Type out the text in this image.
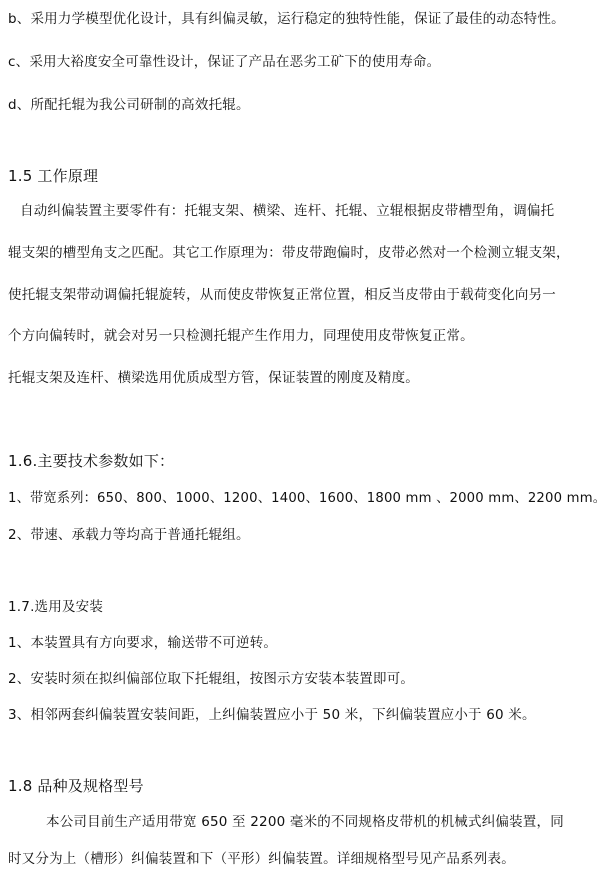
b、采用力学模型优化设计，具有纠偏灵敏，运行稳定的独特性能，保证了最佳的动态特性。
c、采用大裕度安全可靠性设计，保证了产品在恶劣工矿下的使用寿命。
d、所配托辊为我公司研制的高效托辊。
1.5 工作原理
自动纠偏装置主要零件有：托辊支架、横梁、连杆、托辊、立辊根据皮带槽型角，调偏托
辊支架的槽型角支之匹配。其它工作原理为：带皮带跑偏时，皮带必然对一个检测立辊支架，
使托辊支架带动调偏托辊旋转，从而使皮带恢复正常位置，相反当皮带由于载荷变化向另一
个方向偏转时，就会对另一只检测托辊产生作用力，同理使用皮带恢复正常。
托辊支架及连杆、横梁选用优质成型方管，保证装置的刚度及精度。
1.6.主要技术参数如下：
1、带宽系列：650、800、1000、1200、1400、1600、1800 mm 、2000 mm、2200 mm。
2、带速、承载力等均高于普通托辊组。
1.7.选用及安装
1、本装置具有方向要求，输送带不可逆转。
2、安装时须在拟纠偏部位取下托辊组，按图示方安装本装置即可。
3、相邻两套纠偏装置安装间距，上纠偏装置应小于 50 米，下纠偏装置应小于 60 米。
1.8 品种及规格型号
本公司目前生产适用带宽 650 至 2200 毫米的不同规格皮带机的机械式纠偏装置，同
时又分为上（槽形）纠偏装置和下（平形）纠偏装置。详细规格型号见产品系列表。
